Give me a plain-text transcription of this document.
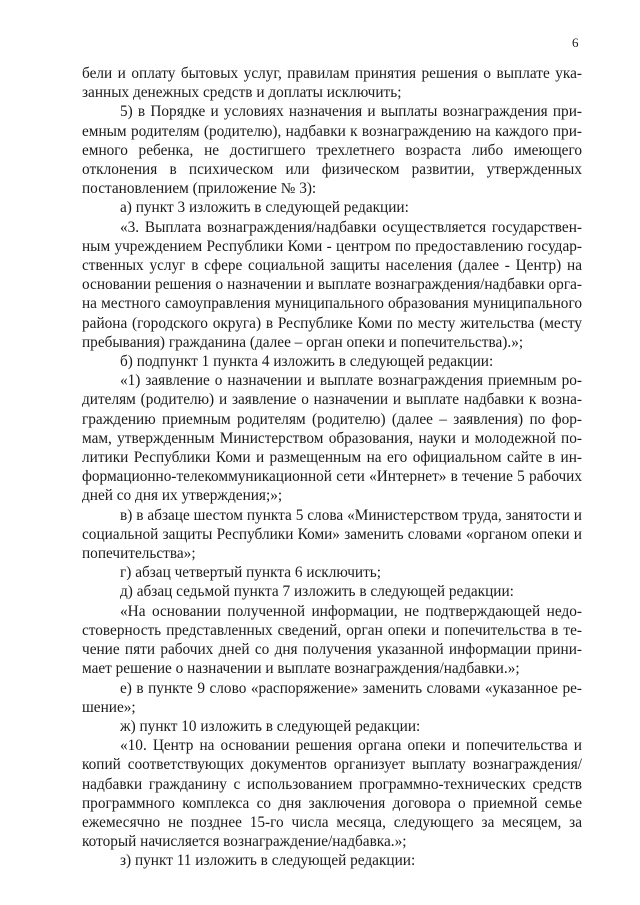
6

бели и оплату бытовых услуг, правилам принятия решения о выплате указанных денежных средств и доплаты исключить;

5) в Порядке и условиях назначения и выплаты вознаграждения приемным родителям (родителю), надбавки к вознаграждению на каждого приемного ребенка, не достигшего трехлетнего возраста либо имеющего отклонения в психическом или физическом развитии, утвержденных постановлением (приложение № 3):

а) пункт 3 изложить в следующей редакции:

«3. Выплата вознаграждения/надбавки осуществляется государственным учреждением Республики Коми - центром по предоставлению государственных услуг в сфере социальной защиты населения (далее - Центр) на основании решения о назначении и выплате вознаграждения/надбавки органа местного самоуправления муниципального образования муниципального района (городского округа) в Республике Коми по месту жительства (месту пребывания) гражданина (далее – орган опеки и попечительства).»;

б) подпункт 1 пункта 4 изложить в следующей редакции:

«1) заявление о назначении и выплате вознаграждения приемным родителям (родителю) и заявление о назначении и выплате надбавки к вознаграждению приемным родителям (родителю) (далее – заявления) по формам, утвержденным Министерством образования, науки и молодежной политики Республики Коми и размещенным на его официальном сайте в информационно-телекоммуникационной сети «Интернет» в течение 5 рабочих дней со дня их утверждения;»;

в) в абзаце шестом пункта 5 слова «Министерством труда, занятости и социальной защиты Республики Коми» заменить словами «органом опеки и попечительства»;

г) абзац четвертый пункта 6 исключить;

д) абзац седьмой пункта 7 изложить в следующей редакции:

«На основании полученной информации, не подтверждающей недостоверность представленных сведений, орган опеки и попечительства в течение пяти рабочих дней со дня получения указанной информации принимает решение о назначении и выплате вознаграждения/надбавки.»;

е) в пункте 9 слово «распоряжение» заменить словами «указанное решение»;

ж) пункт 10 изложить в следующей редакции:

«10. Центр на основании решения органа опеки и попечительства и копий соответствующих документов организует выплату вознаграждения/надбавки гражданину с использованием программно-технических средств программного комплекса со дня заключения договора о приемной семье ежемесячно не позднее 15-го числа месяца, следующего за месяцем, за который начисляется вознаграждение/надбавка.»;

з) пункт 11 изложить в следующей редакции:
